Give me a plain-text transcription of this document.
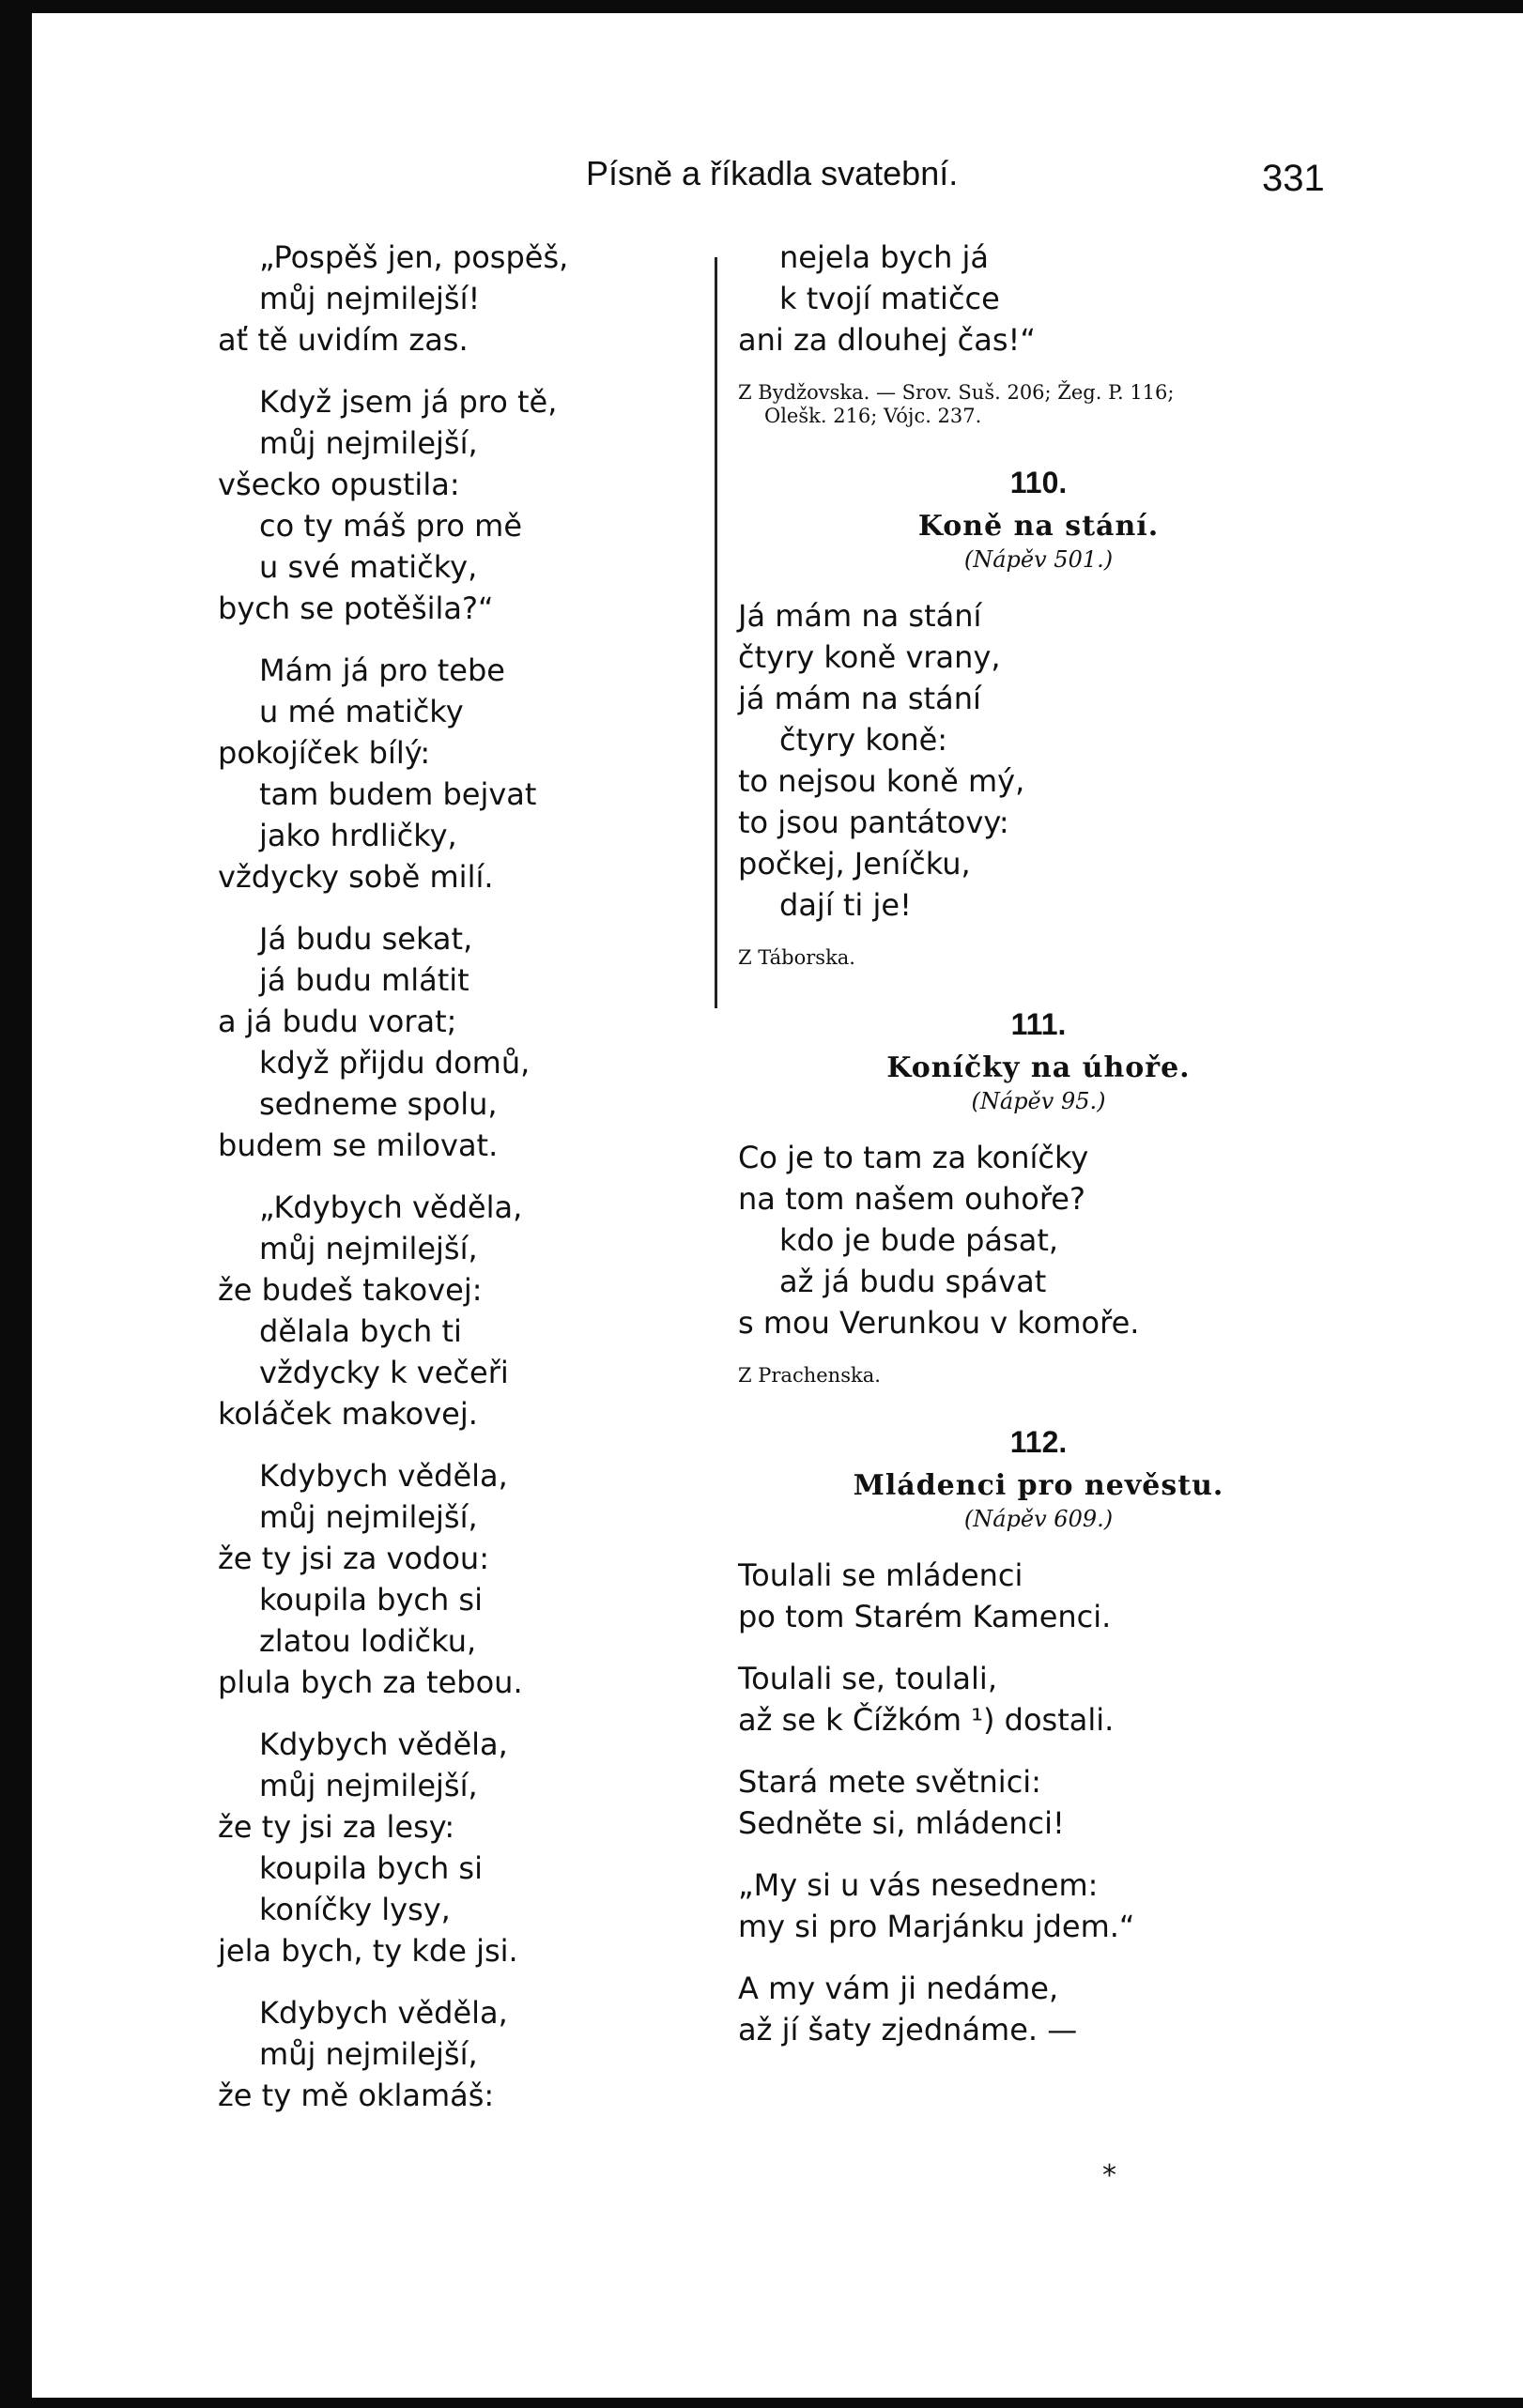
Písně a říkadla svatební.	331
„Pospěš jen, pospěš,
můj nejmilejší!
ať tě uvidím zas.
Když jsem já pro tě,
můj nejmilejší,
všecko opustila:
co ty máš pro mě
u své matičky,
bych se potěšila?“
Mám já pro tebe
u mé matičky
pokojíček bílý:
tam budem bejvat
jako hrdličky,
vždycky sobě milí.
Já budu sekat,
já budu mlátit
a já budu vorat;
když přijdu domů,
sedneme spolu,
budem se milovat.
„Kdybych věděla,
můj nejmilejší,
že budeš takovej:
dělala bych ti
vždycky k večeři
koláček makovej.
Kdybych věděla,
můj nejmilejší,
že ty jsi za vodou:
koupila bych si
zlatou lodičku,
plula bych za tebou.
Kdybych věděla,
můj nejmilejší,
že ty jsi za lesy:
koupila bych si
koníčky lysy,
jela bych, ty kde jsi.
Kdybych věděla,
můj nejmilejší,
že ty mě oklamáš:
nejela bych já
k tvojí matičce
ani za dlouhej čas!“
Z Bydžovska. — Srov. Suš. 206; Žeg. P. 116;
Olešk. 216; Vójc. 237.
110.
Koně na stání.
(Nápěv 501.)
Já mám na stání
čtyry koně vrany,
já mám na stání
čtyry koně:
to nejsou koně mý,
to jsou pantátovy:
počkej, Jeníčku,
dají ti je!
Z Táborska.
111.
Koníčky na úhoře.
(Nápěv 95.)
Co je to tam za koníčky
na tom našem ouhoře?
kdo je bude pásat,
až já budu spávat
s mou Verunkou v komoře.
Z Prachenska.
112.
Mládenci pro nevěstu.
(Nápěv 609.)
Toulali se mládenci
po tom Starém Kamenci.
Toulali se, toulali,
až se k Čížkóm ¹) dostali.
Stará mete světnici:
Sedněte si, mládenci!
„My si u vás nesednem:
my si pro Marjánku jdem.“
A my vám ji nedáme,
až jí šaty zjednáme. —
*
